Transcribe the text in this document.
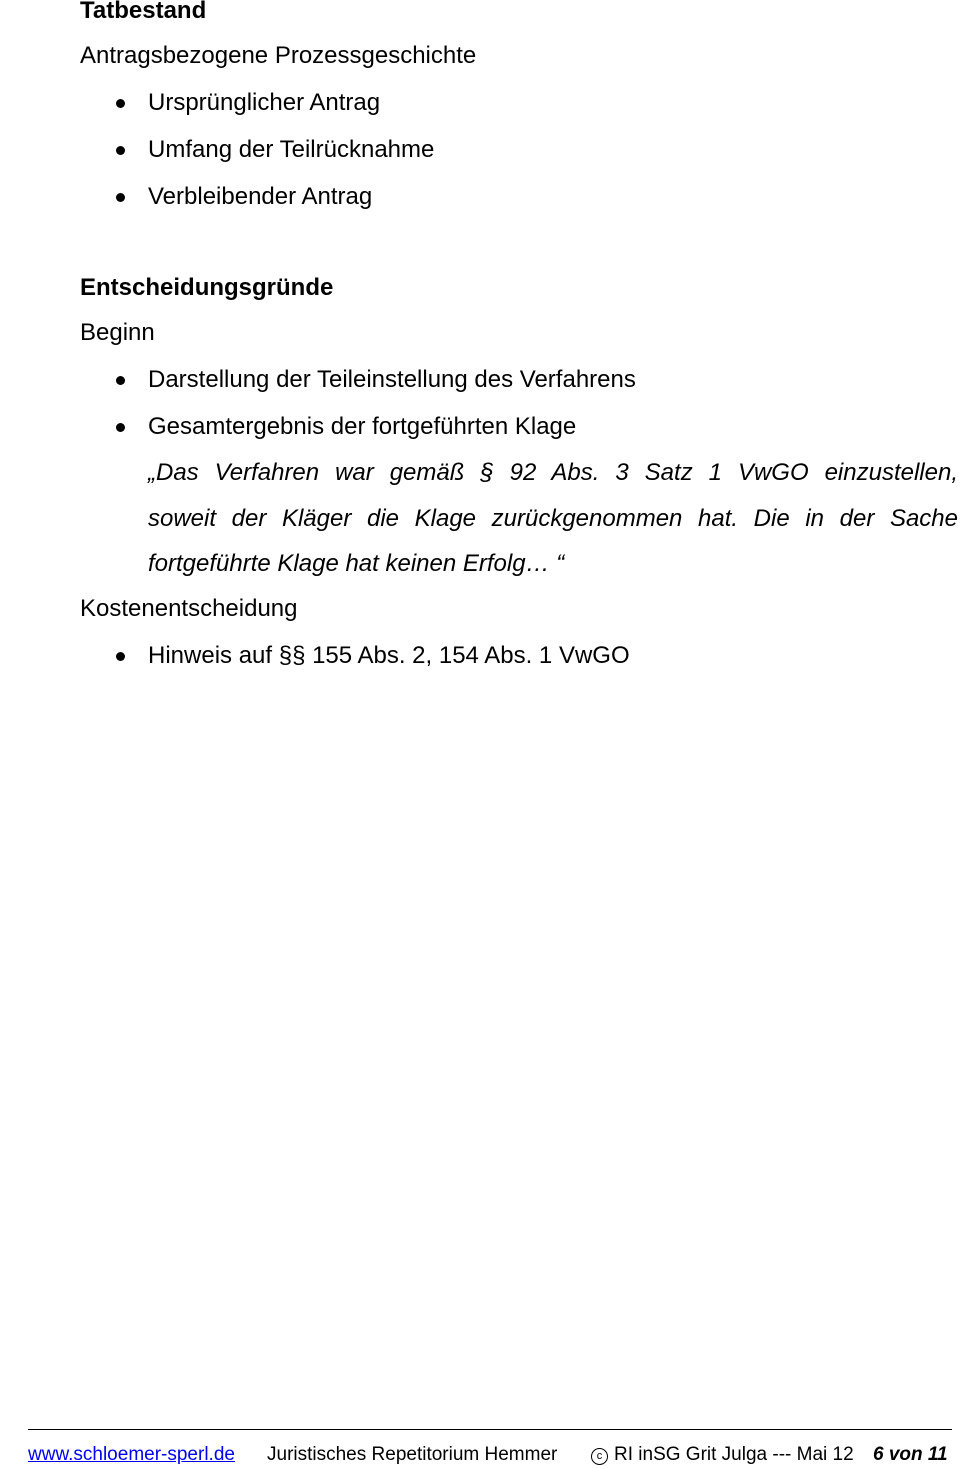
Tatbestand
Antragsbezogene Prozessgeschichte
Ursprünglicher Antrag
Umfang der Teilrücknahme
Verbleibender Antrag
Entscheidungsgründe
Beginn
Darstellung der Teileinstellung des Verfahrens
Gesamtergebnis der fortgeführten Klage
„Das Verfahren war gemäß § 92 Abs. 3 Satz 1 VwGO einzustellen,
soweit der Kläger die Klage zurückgenommen hat. Die in der Sache
fortgeführte Klage hat keinen Erfolg… “
Kostenentscheidung
Hinweis auf §§ 155 Abs. 2, 154 Abs. 1 VwGO
www.schloemer-sperl.de Juristisches Repetitorium Hemmer	c RI inSG Grit Julga --- Mai 12 6 von 11
